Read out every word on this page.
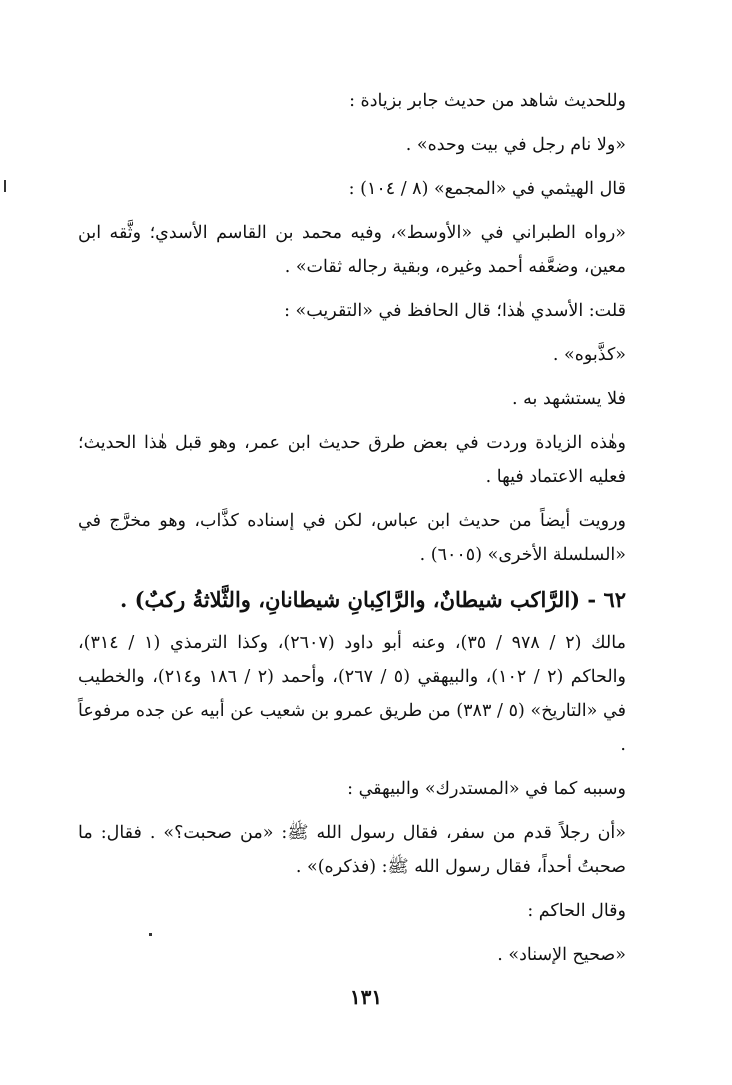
وللحديث شاهد من حديث جابر بزيادة :

«ولا نام رجل في بيت وحده» .

قال الهيثمي في «المجمع» (٨ / ١٠٤) :

«رواه الطبراني في «الأوسط»، وفيه محمد بن القاسم الأسدي؛ وثَّقه ابن معين، وضعَّفه أحمد وغيره، وبقية رجاله ثقات» .

قلت: الأسدي هٰذا؛ قال الحافظ في «التقريب» :

«كذَّبوه» .

فلا يستشهد به .

وهٰذه الزيادة وردت في بعض طرق حديث ابن عمر، وهو قبل هٰذا الحديث؛ فعليه الاعتماد فيها .

ورويت أيضاً من حديث ابن عباس، لكن في إسناده كذَّاب، وهو مخرَّج في «السلسلة الأخرى» (٦٠٠٥) .

٦٢ - (الرَّاكب شيطانٌ، والرَّاكِبانِ شيطانانِ، والثَّلاثةُ ركبٌ) .

مالك (٢ / ٩٧٨ / ٣٥)، وعنه أبو داود (٢٦٠٧)، وكذا الترمذي (١ / ٣١٤)، والحاكم (٢ / ١٠٢)، والبيهقي (٥ / ٢٦٧)، وأحمد (٢ / ١٨٦ و٢١٤)، والخطيب في «التاريخ» (٥ / ٣٨٣) من طريق عمرو بن شعيب عن أبيه عن جده مرفوعاً .

وسببه كما في «المستدرك» والبيهقي :

«أن رجلاً قدم من سفر، فقال رسول الله ﷺ: «من صحبت؟» . فقال: ما صحبتُ أحداً، فقال رسول الله ﷺ: (فذكره)» .

وقال الحاكم :

«صحيح الإسناد» .

١٣١
